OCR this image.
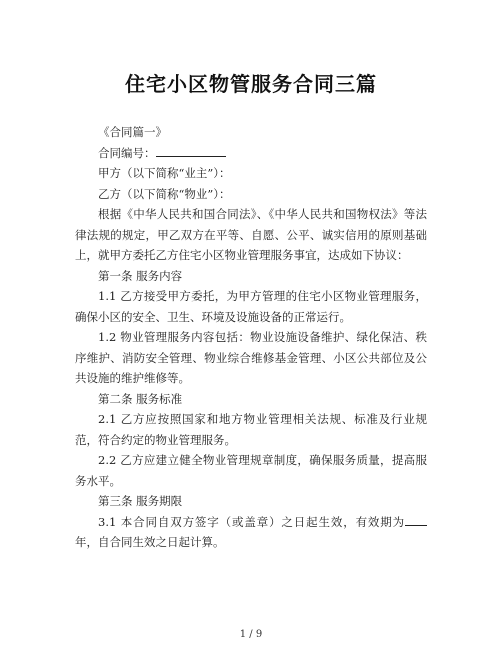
住宅小区物管服务合同三篇

《合同篇一》

合同编号：

甲方（以下简称“业主”）：

乙方（以下简称“物业”）：

根据《中华人民共和国合同法》、《中华人民共和国物权法》等法律法规的规定，甲乙双方在平等、自愿、公平、诚实信用的原则基础上，就甲方委托乙方住宅小区物业管理服务事宜，达成如下协议：

第一条 服务内容

1.1 乙方接受甲方委托，为甲方管理的住宅小区物业管理服务，确保小区的安全、卫生、环境及设施设备的正常运行。

1.2 物业管理服务内容包括：物业设施设备维护、绿化保洁、秩序维护、消防安全管理、物业综合维修基金管理、小区公共部位及公共设施的维护维修等。

第二条 服务标准

2.1 乙方应按照国家和地方物业管理相关法规、标准及行业规范，符合约定的物业管理服务。

2.2 乙方应建立健全物业管理规章制度，确保服务质量，提高服务水平。

第三条 服务期限

3.1 本合同自双方签字（或盖章）之日起生效，有效期为年，自合同生效之日起计算。

1 / 9
